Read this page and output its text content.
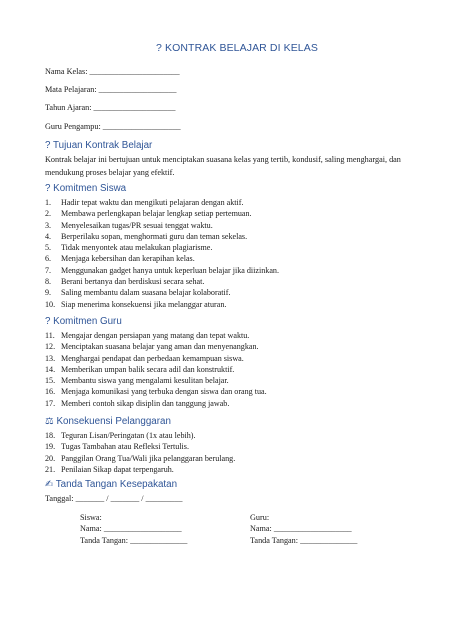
? KONTRAK BELAJAR DI KELAS
Nama Kelas: ______________________
Mata Pelajaran: ___________________
Tahun Ajaran: ____________________
Guru Pengampu: ___________________
? Tujuan Kontrak Belajar
Kontrak belajar ini bertujuan untuk menciptakan suasana kelas yang tertib, kondusif, saling menghargai, dan mendukung proses belajar yang efektif.
? Komitmen Siswa
1. Hadir tepat waktu dan mengikuti pelajaran dengan aktif.
2. Membawa perlengkapan belajar lengkap setiap pertemuan.
3. Menyelesaikan tugas/PR sesuai tenggat waktu.
4. Berperilaku sopan, menghormati guru dan teman sekelas.
5. Tidak menyontek atau melakukan plagiarisme.
6. Menjaga kebersihan dan kerapihan kelas.
7. Menggunakan gadget hanya untuk keperluan belajar jika diizinkan.
8. Berani bertanya dan berdiskusi secara sehat.
9. Saling membantu dalam suasana belajar kolaboratif.
10. Siap menerima konsekuensi jika melanggar aturan.
? Komitmen Guru
11. Mengajar dengan persiapan yang matang dan tepat waktu.
12. Menciptakan suasana belajar yang aman dan menyenangkan.
13. Menghargai pendapat dan perbedaan kemampuan siswa.
14. Memberikan umpan balik secara adil dan konstruktif.
15. Membantu siswa yang mengalami kesulitan belajar.
16. Menjaga komunikasi yang terbuka dengan siswa dan orang tua.
17. Memberi contoh sikap disiplin dan tanggung jawab.
⚖ Konsekuensi Pelanggaran
18. Teguran Lisan/Peringatan (1x atau lebih).
19. Tugas Tambahan atau Refleksi Tertulis.
20. Panggilan Orang Tua/Wali jika pelanggaran berulang.
21. Penilaian Sikap dapat terpengaruh.
✍ Tanda Tangan Kesepakatan
Tanggal: _______ / _______ / _________
Siswa:
Nama: ___________________
Tanda Tangan: ______________
Guru:
Nama: ___________________
Tanda Tangan: ______________
